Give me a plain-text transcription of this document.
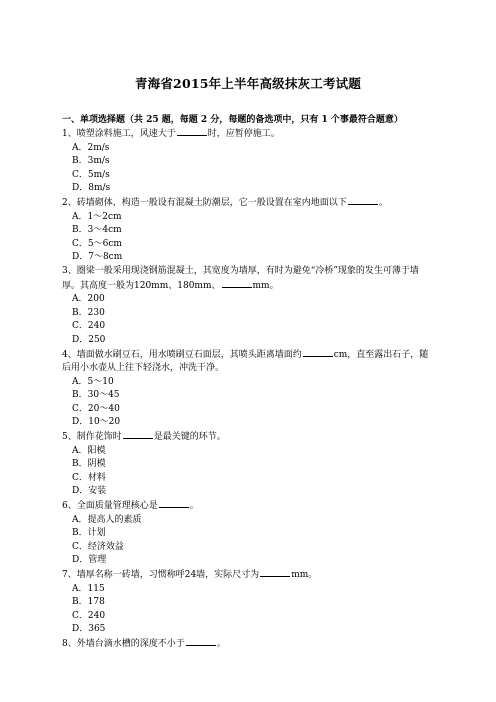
青海省2015年上半年高级抹灰工考试题
一、单项选择题（共 25 题，每题 2 分，每题的备选项中，只有 1 个事最符合题意）
1、喷塑涂料施工，风速大于	时，应暂停施工。
A．2m/s
B．3m/s
C．5m/s
D．8m/s
2、砖墙砌体，构造一般设有混凝土防潮层，它一般设置在室内地面以下	。
A．1～2cm
B．3～4cm
C．5～6cm
D．7～8cm
3、圈梁一般采用现浇钢筋混凝土，其宽度为墙厚，有时为避免“冷桥”现象的发生可薄于墙厚。其高度一般为120mm、180mm、	mm。
A．200
B．230
C．240
D．250
4、墙面做水刷豆石，用水喷刷豆石面层，其喷头距离墙面约	cm，直至露出石子，随后用小水壶从上往下轻浇水，冲洗干净。
A．5～10
B．30～45
C．20～40
D．10～20
5、制作花饰时	是最关键的环节。
A．阳模
B．阴模
C．材料
D．安装
6、全面质量管理核心是	。
A．提高人的素质
B．计划
C．经济效益
D．管理
7、墙厚名称一砖墙，习惯称呼24墙，实际尺寸为	mm。
A．115
B．178
C．240
D．365
8、外墙台滴水槽的深度不小于	。
